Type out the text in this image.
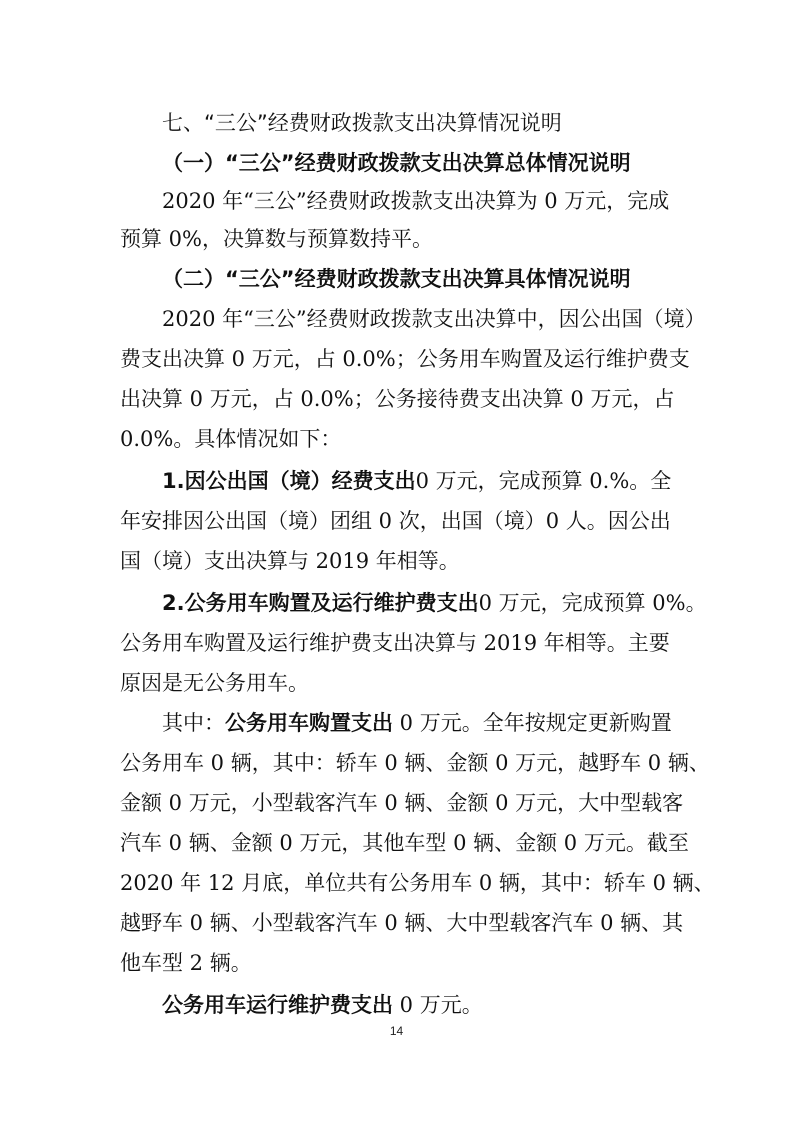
七、“三公”经费财政拨款支出决算情况说明
（一）“三公”经费财政拨款支出决算总体情况说明
2020 年“三公”经费财政拨款支出决算为 0 万元，完成
预算 0%，决算数与预算数持平。
（二）“三公”经费财政拨款支出决算具体情况说明
2020 年“三公”经费财政拨款支出决算中，因公出国（境）
费支出决算 0 万元，占 0.0%；公务用车购置及运行维护费支
出决算 0 万元，占 0.0%；公务接待费支出决算 0 万元，占
0.0%。具体情况如下：
1.因公出国（境）经费支出0 万元，完成预算 0.%。全
年安排因公出国（境）团组 0 次，出国（境）0 人。因公出
国（境）支出决算与 2019 年相等。
2.公务用车购置及运行维护费支出0 万元，完成预算 0%。
公务用车购置及运行维护费支出决算与 2019 年相等。主要
原因是无公务用车。
其中：公务用车购置支出 0 万元。全年按规定更新购置
公务用车 0 辆，其中：轿车 0 辆、金额 0 万元，越野车 0 辆、
金额 0 万元，小型载客汽车 0 辆、金额 0 万元，大中型载客
汽车 0 辆、金额 0 万元，其他车型 0 辆、金额 0 万元。截至
2020 年 12 月底，单位共有公务用车 0 辆，其中：轿车 0 辆、
越野车 0 辆、小型载客汽车 0 辆、大中型载客汽车 0 辆、其
他车型 2 辆。
公务用车运行维护费支出 0 万元。
14
